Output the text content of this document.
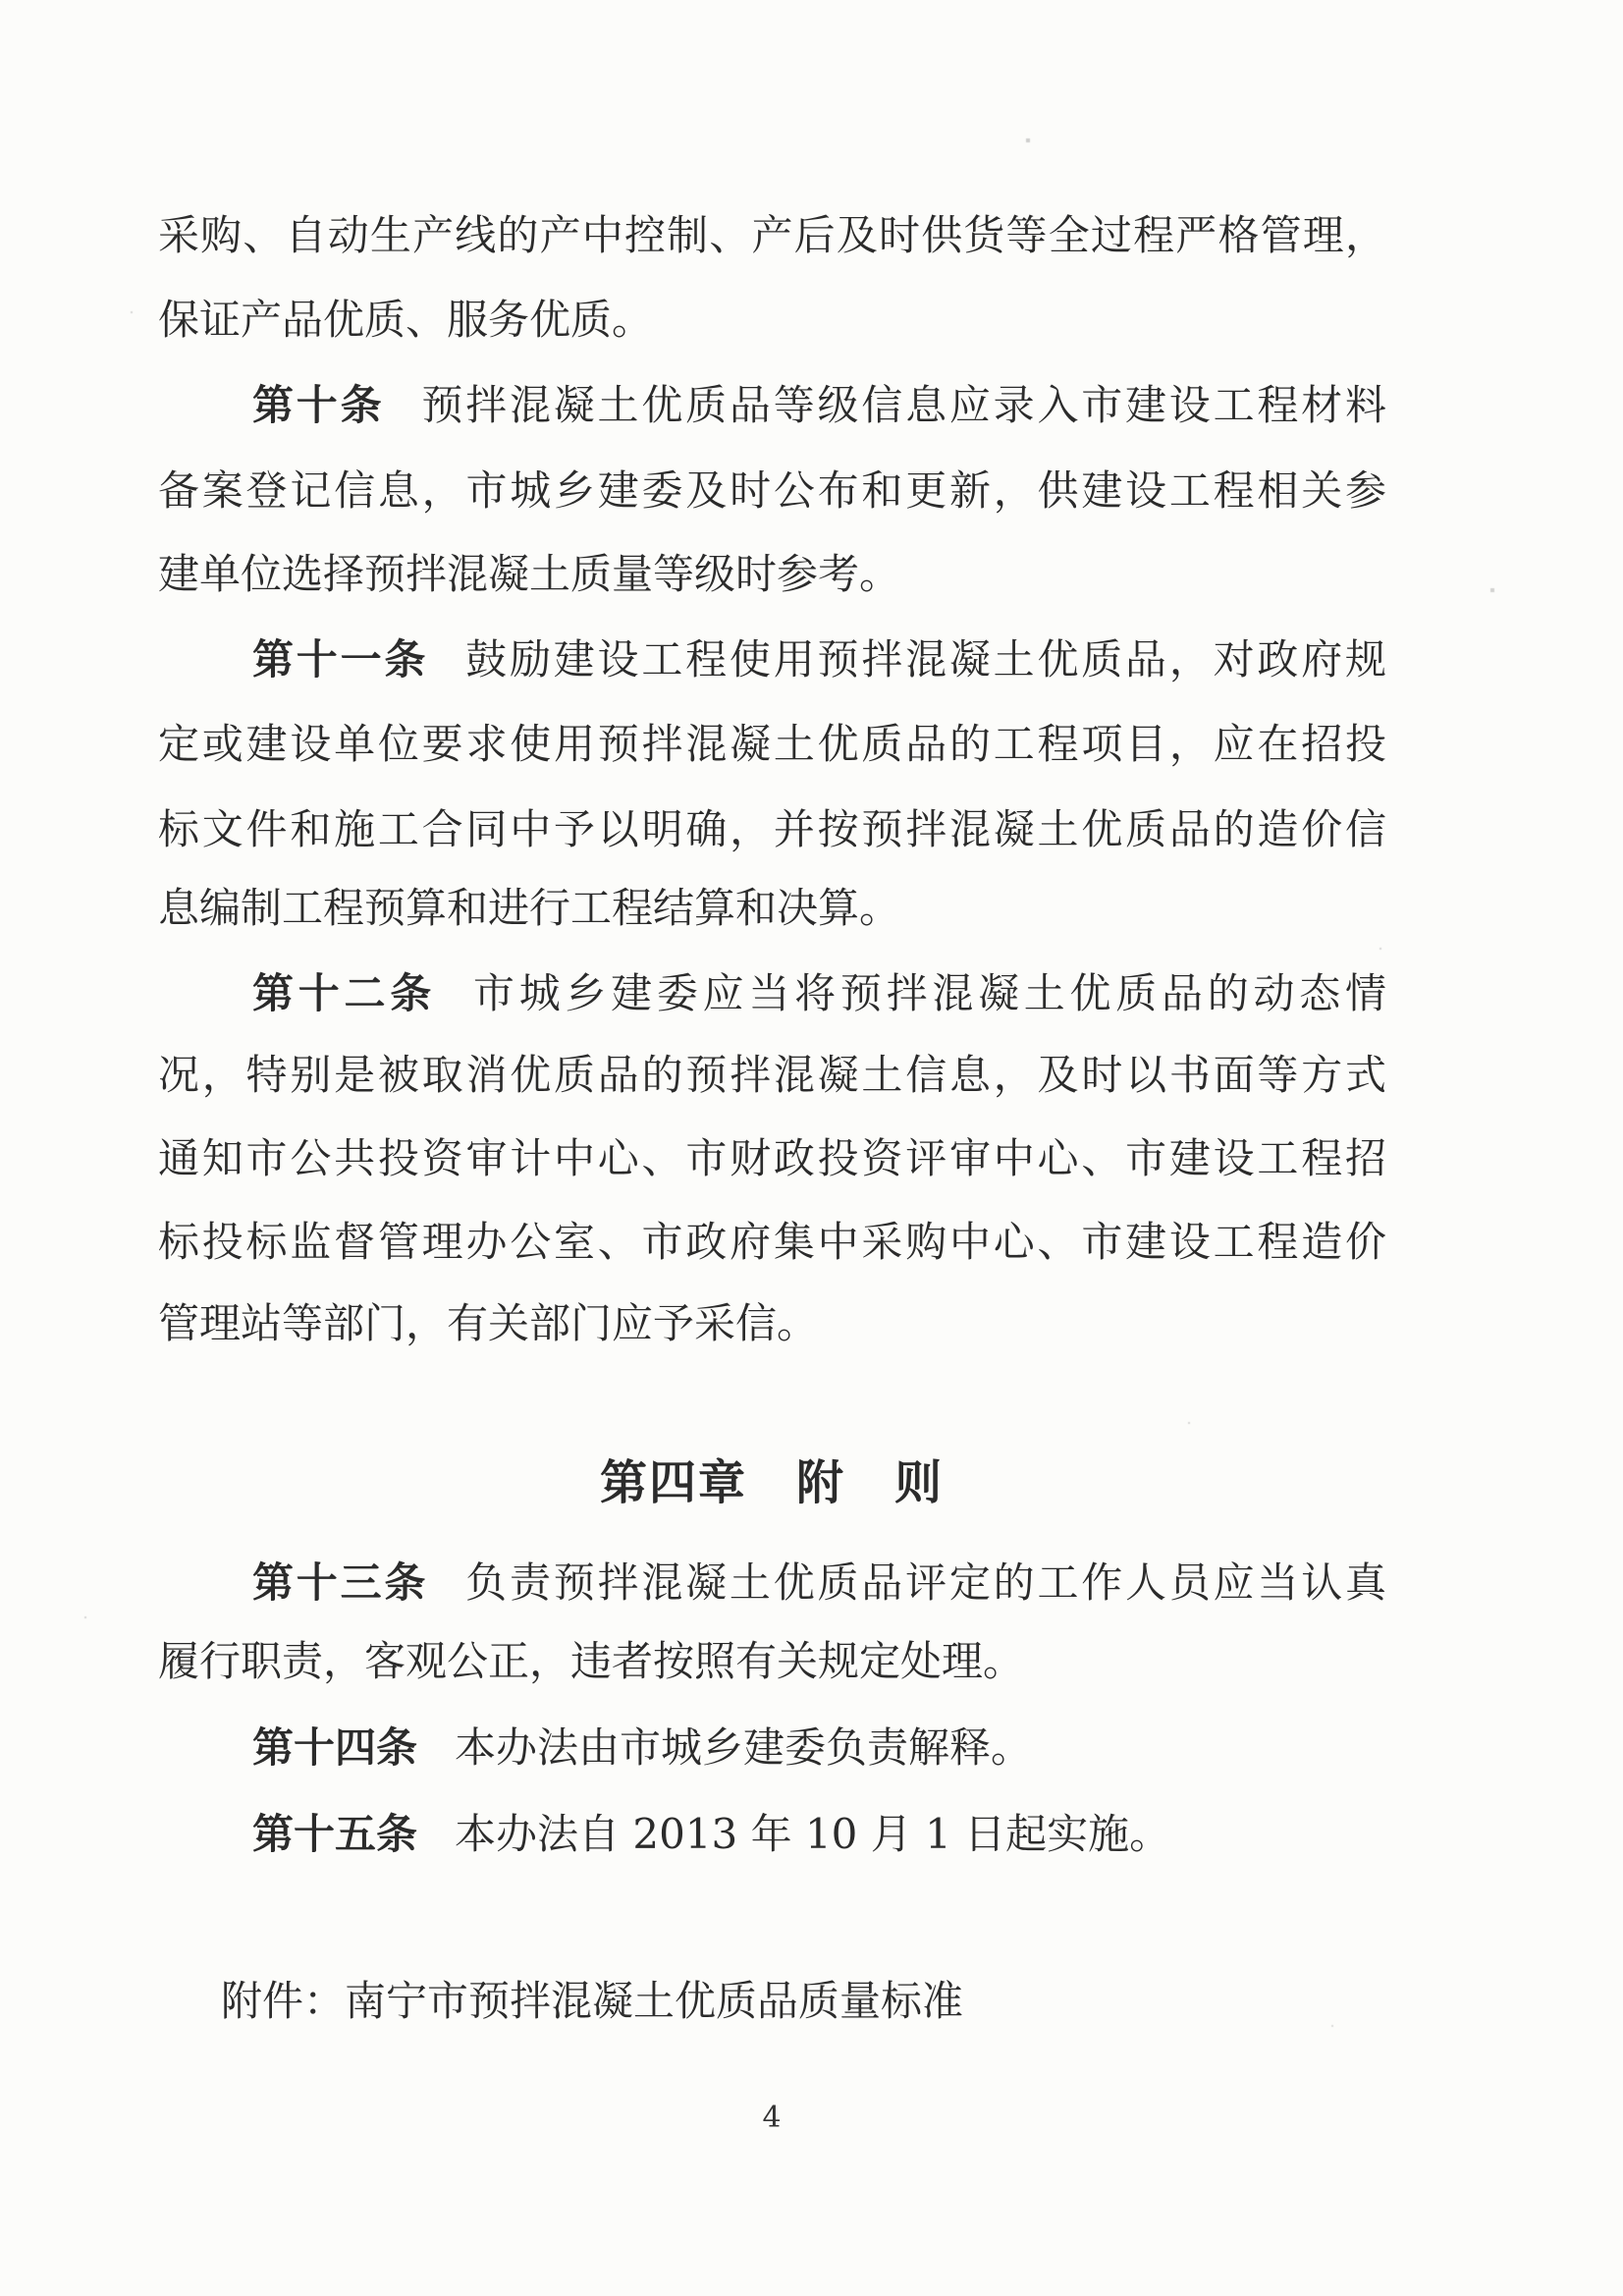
采购、自动生产线的产中控制、产后及时供货等全过程严格管理，
保证产品优质、服务优质。
第十条 预拌混凝土优质品等级信息应录入市建设工程材料
备案登记信息，市城乡建委及时公布和更新，供建设工程相关参
建单位选择预拌混凝土质量等级时参考。
第十一条 鼓励建设工程使用预拌混凝土优质品，对政府规
定或建设单位要求使用预拌混凝土优质品的工程项目，应在招投
标文件和施工合同中予以明确，并按预拌混凝土优质品的造价信
息编制工程预算和进行工程结算和决算。
第十二条 市城乡建委应当将预拌混凝土优质品的动态情
况，特别是被取消优质品的预拌混凝土信息，及时以书面等方式
通知市公共投资审计中心、市财政投资评审中心、市建设工程招
标投标监督管理办公室、市政府集中采购中心、市建设工程造价
管理站等部门，有关部门应予采信。
第四章　附　则
第十三条 负责预拌混凝土优质品评定的工作人员应当认真
履行职责，客观公正，违者按照有关规定处理。
第十四条 本办法由市城乡建委负责解释。
第十五条 本办法自 2013 年 10 月 1 日起实施。
附件：南宁市预拌混凝土优质品质量标准
4
